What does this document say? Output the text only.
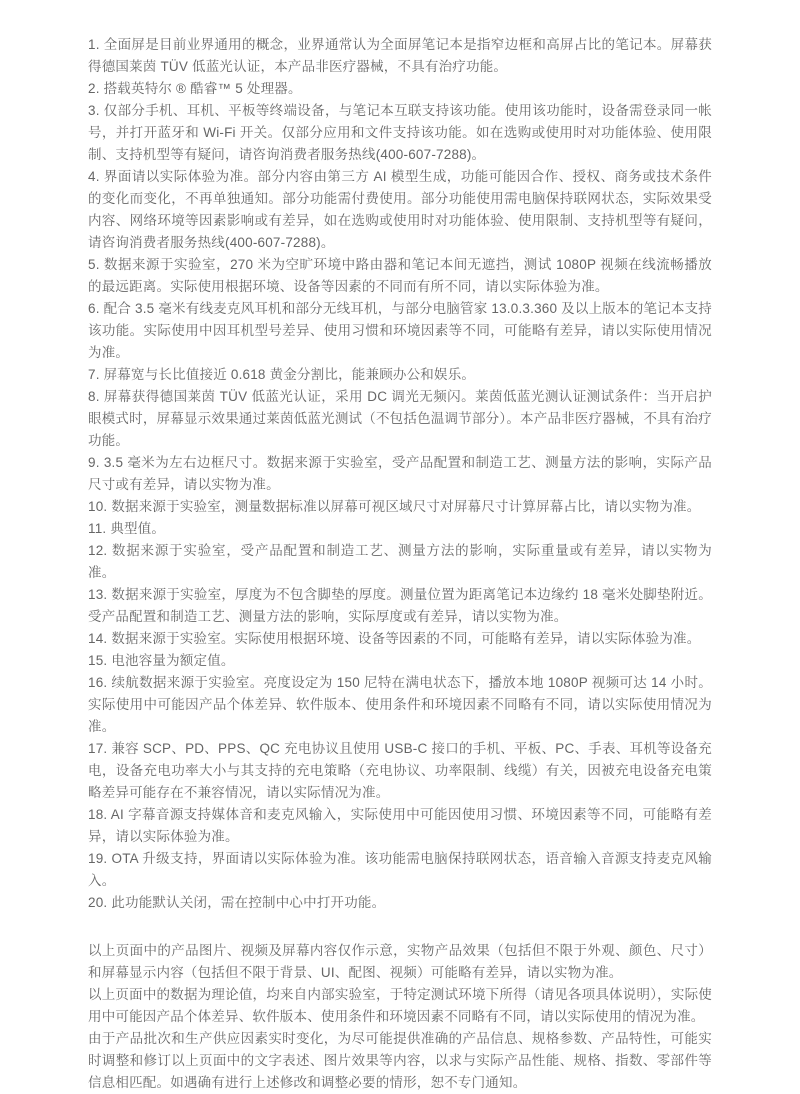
1. 全面屏是目前业界通用的概念，业界通常认为全面屏笔记本是指窄边框和高屏占比的笔记本。屏幕获得德国莱茵 TÜV 低蓝光认证，本产品非医疗器械，不具有治疗功能。

2. 搭载英特尔 ® 酷睿™ 5 处理器。

3. 仅部分手机、耳机、平板等终端设备，与笔记本互联支持该功能。使用该功能时，设备需登录同一帐号，并打开蓝牙和 Wi-Fi 开关。仅部分应用和文件支持该功能。如在选购或使用时对功能体验、使用限制、支持机型等有疑问，请咨询消费者服务热线(400-607-7288)。

4. 界面请以实际体验为准。部分内容由第三方 AI 模型生成，功能可能因合作、授权、商务或技术条件的变化而变化，不再单独通知。部分功能需付费使用。部分功能使用需电脑保持联网状态，实际效果受内容、网络环境等因素影响或有差异，如在选购或使用时对功能体验、使用限制、支持机型等有疑问，请咨询消费者服务热线(400-607-7288)。

5. 数据来源于实验室，270 米为空旷环境中路由器和笔记本间无遮挡，测试 1080P 视频在线流畅播放的最远距离。实际使用根据环境、设备等因素的不同而有所不同，请以实际体验为准。

6. 配合 3.5 毫米有线麦克风耳机和部分无线耳机，与部分电脑管家 13.0.3.360 及以上版本的笔记本支持该功能。实际使用中因耳机型号差异、使用习惯和环境因素等不同，可能略有差异，请以实际使用情况为准。

7. 屏幕宽与长比值接近 0.618 黄金分割比，能兼顾办公和娱乐。

8. 屏幕获得德国莱茵 TÜV 低蓝光认证，采用 DC 调光无频闪。莱茵低蓝光测认证测试条件：当开启护眼模式时，屏幕显示效果通过莱茵低蓝光测试（不包括色温调节部分）。本产品非医疗器械，不具有治疗功能。

9. 3.5 毫米为左右边框尺寸。数据来源于实验室，受产品配置和制造工艺、测量方法的影响，实际产品尺寸或有差异，请以实物为准。

10. 数据来源于实验室，测量数据标准以屏幕可视区域尺寸对屏幕尺寸计算屏幕占比，请以实物为准。

11. 典型值。

12. 数据来源于实验室，受产品配置和制造工艺、测量方法的影响，实际重量或有差异，请以实物为准。

13. 数据来源于实验室，厚度为不包含脚垫的厚度。测量位置为距离笔记本边缘约 18 毫米处脚垫附近。受产品配置和制造工艺、测量方法的影响，实际厚度或有差异，请以实物为准。

14. 数据来源于实验室。实际使用根据环境、设备等因素的不同，可能略有差异，请以实际体验为准。

15. 电池容量为额定值。

16. 续航数据来源于实验室。亮度设定为 150 尼特在满电状态下，播放本地 1080P 视频可达 14 小时。实际使用中可能因产品个体差异、软件版本、使用条件和环境因素不同略有不同，请以实际使用情况为准。

17. 兼容 SCP、PD、PPS、QC 充电协议且使用 USB-C 接口的手机、平板、PC、手表、耳机等设备充电，设备充电功率大小与其支持的充电策略（充电协议、功率限制、线缆）有关，因被充电设备充电策略差异可能存在不兼容情况，请以实际情况为准。

18. AI 字幕音源支持媒体音和麦克风输入，实际使用中可能因使用习惯、环境因素等不同，可能略有差异，请以实际体验为准。

19. OTA 升级支持，界面请以实际体验为准。该功能需电脑保持联网状态，语音输入音源支持麦克风输入。

20. 此功能默认关闭，需在控制中心中打开功能。

以上页面中的产品图片、视频及屏幕内容仅作示意，实物产品效果（包括但不限于外观、颜色、尺寸）和屏幕显示内容（包括但不限于背景、UI、配图、视频）可能略有差异，请以实物为准。

以上页面中的数据为理论值，均来自内部实验室，于特定测试环境下所得（请见各项具体说明），实际使用中可能因产品个体差异、软件版本、使用条件和环境因素不同略有不同，请以实际使用的情况为准。

由于产品批次和生产供应因素实时变化，为尽可能提供准确的产品信息、规格参数、产品特性，可能实时调整和修订以上页面中的文字表述、图片效果等内容，以求与实际产品性能、规格、指数、零部件等信息相匹配。如遇确有进行上述修改和调整必要的情形，恕不专门通知。
